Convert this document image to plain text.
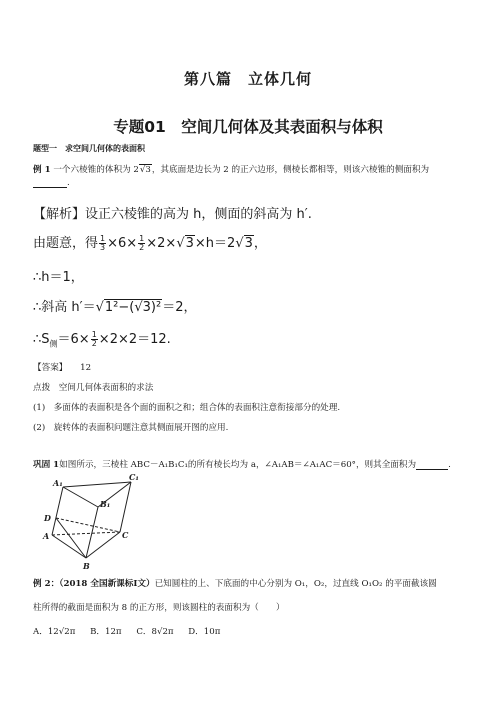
第八篇　立体几何
专题01　空间几何体及其表面积与体积
题型一　求空间几何体的表面积
例 1 一个六棱锥的体积为 2√3，其底面是边长为 2 的正六边形，侧棱长都相等，则该六棱锥的侧面积为
.
【解析】设正六棱锥的高为 h，侧面的斜高为 h′.
由题意，得 $\frac{1}{3} \times 6\times \frac{1}{2} \times 2\times√3\times h=2√3$，
∴h＝1，
∴斜高 h′＝√1²−(√3)²＝2，
$\therefore S_侧=6\times \frac{1}{2} \times 2\times 2=12$.
【答案】 12
点拨　空间几何体表面积的求法
(1)　多面体的表面积是各个面的面积之和；组合体的表面积注意衔接部分的处理.
(2)　旋转体的表面积问题注意其侧面展开图的应用.
巩固 1如图所示，三棱柱 ABC－A₁B₁C₁的所有棱长均为 a，∠A₁AB＝∠A₁AC＝60°，则其全面积为	.
A₁
C₁
B₁
D
A	C
B
例 2：（2018 全国新课标Ⅰ文）已知圆柱的上、下底面的中心分别为 O₁，O₂，过直线 O₁O₂ 的平面截该圆
柱所得的截面是面积为 8 的正方形，则该圆柱的表面积为（　　）
A．12√2π B．12π C．8√2π D．10π
